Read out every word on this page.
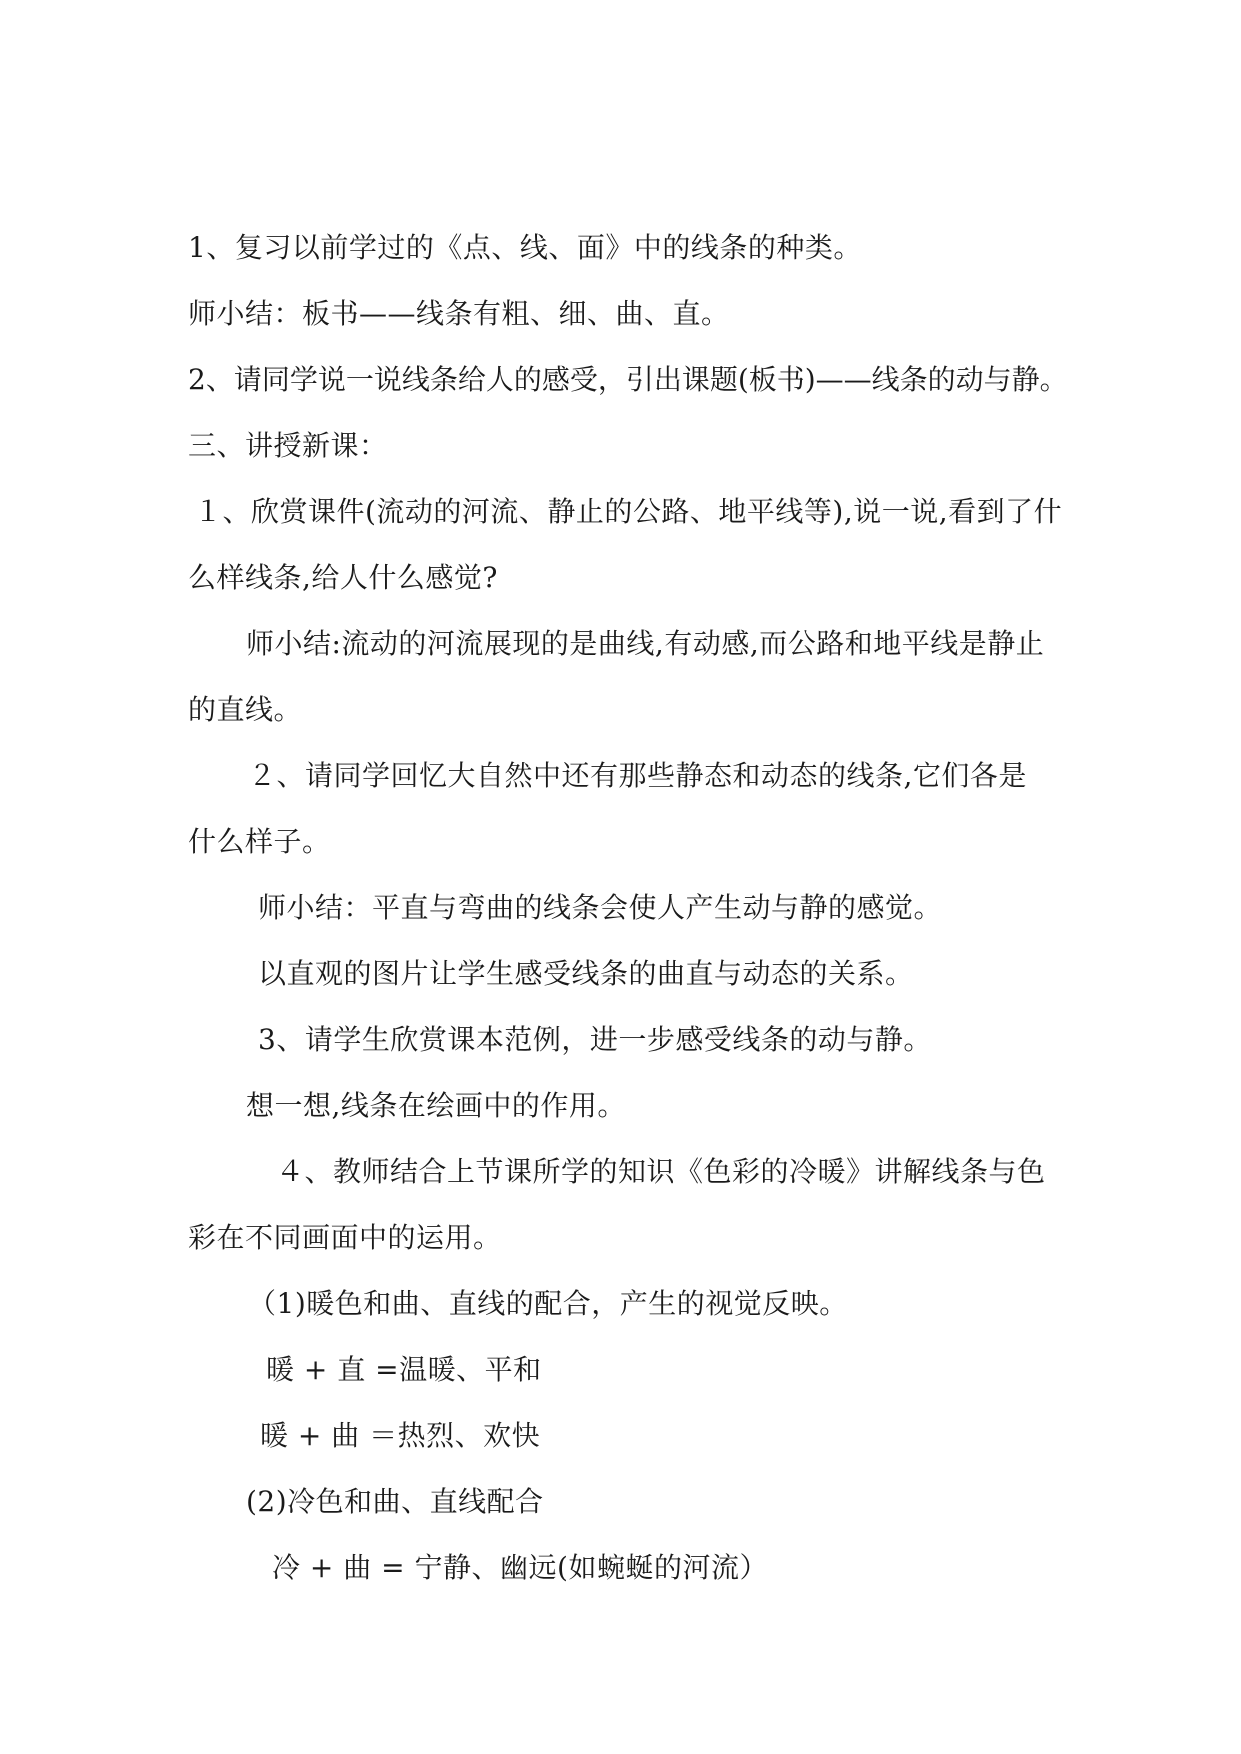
1、复习以前学过的《点、线、面》中的线条的种类。
师小结：板书——线条有粗、细、曲、直。
2、请同学说一说线条给人的感受，引出课题(板书)——线条的动与静。
三、讲授新课：
１、欣赏课件(流动的河流、静止的公路、地平线等),说一说,看到了什
么样线条,给人什么感觉?
师小结:流动的河流展现的是曲线,有动感,而公路和地平线是静止
的直线。
２、请同学回忆大自然中还有那些静态和动态的线条,它们各是
什么样子。
师小结：平直与弯曲的线条会使人产生动与静的感觉。
以直观的图片让学生感受线条的曲直与动态的关系。
3、请学生欣赏课本范例，进一步感受线条的动与静。
想一想,线条在绘画中的作用。
４、教师结合上节课所学的知识《色彩的冷暖》讲解线条与色
彩在不同画面中的运用。
（1)暖色和曲、直线的配合，产生的视觉反映。
暖 + 直 =温暖、平和
暖 + 曲 ＝热烈、欢快
(2)冷色和曲、直线配合
冷 + 曲 = 宁静、幽远(如蜿蜒的河流）
